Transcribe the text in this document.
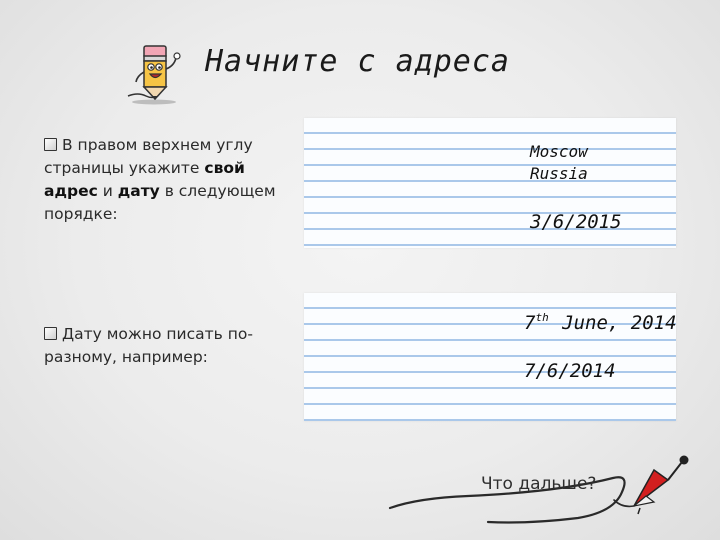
Начните с адреса
В правом верхнем углу страницы укажите свой адрес и дату в следующем порядке:
Дату можно писать по-разному, например:
Moscow
Russia
3/6/2015
7th June, 2014
7/6/2014
Что дальше?
